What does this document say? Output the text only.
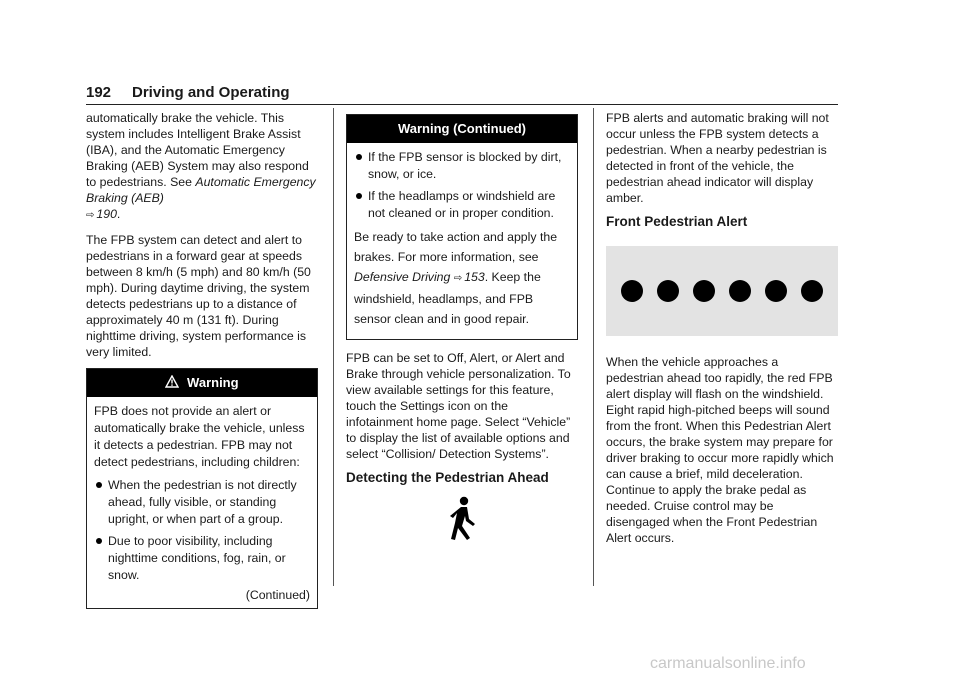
192 Driving and Operating

automatically brake the vehicle. This system includes Intelligent Brake Assist (IBA), and the Automatic Emergency Braking (AEB) System may also respond to pedestrians. See Automatic Emergency Braking (AEB)
⇨ 190.

The FPB system can detect and alert to pedestrians in a forward gear at speeds between 8 km/h (5 mph) and 80 km/h (50 mph). During daytime driving, the system detects pedestrians up to a distance of approximately 40 m (131 ft). During nighttime driving, system performance is very limited.

Warning

FPB does not provide an alert or automatically brake the vehicle, unless it detects a pedestrian. FPB may not detect pedestrians, including children:

When the pedestrian is not directly ahead, fully visible, or standing upright, or when part of a group.
Due to poor visibility, including nighttime conditions, fog, rain, or snow.
(Continued)
Warning (Continued)
If the FPB sensor is blocked by dirt, snow, or ice.
If the headlamps or windshield are not cleaned or in proper condition.

Be ready to take action and apply the brakes. For more information, see
Defensive Driving ⇨ 153. Keep the windshield, headlamps, and FPB sensor clean and in good repair.

FPB can be set to Off, Alert, or Alert and Brake through vehicle personalization. To view available settings for this feature, touch the Settings icon on the infotainment home page. Select “Vehicle” to display the list of available options and select “Collision/ Detection Systems”.

Detecting the Pedestrian Ahead

FPB alerts and automatic braking will not occur unless the FPB system detects a pedestrian. When a nearby pedestrian is detected in front of the vehicle, the pedestrian ahead indicator will display amber.

Front Pedestrian Alert

When the vehicle approaches a pedestrian ahead too rapidly, the red FPB alert display will flash on the windshield. Eight rapid high-pitched beeps will sound from the front. When this Pedestrian Alert occurs, the brake system may prepare for driver braking to occur more rapidly which can cause a brief, mild deceleration. Continue to apply the brake pedal as needed. Cruise control may be disengaged when the Front Pedestrian Alert occurs.

carmanualsonline.info
